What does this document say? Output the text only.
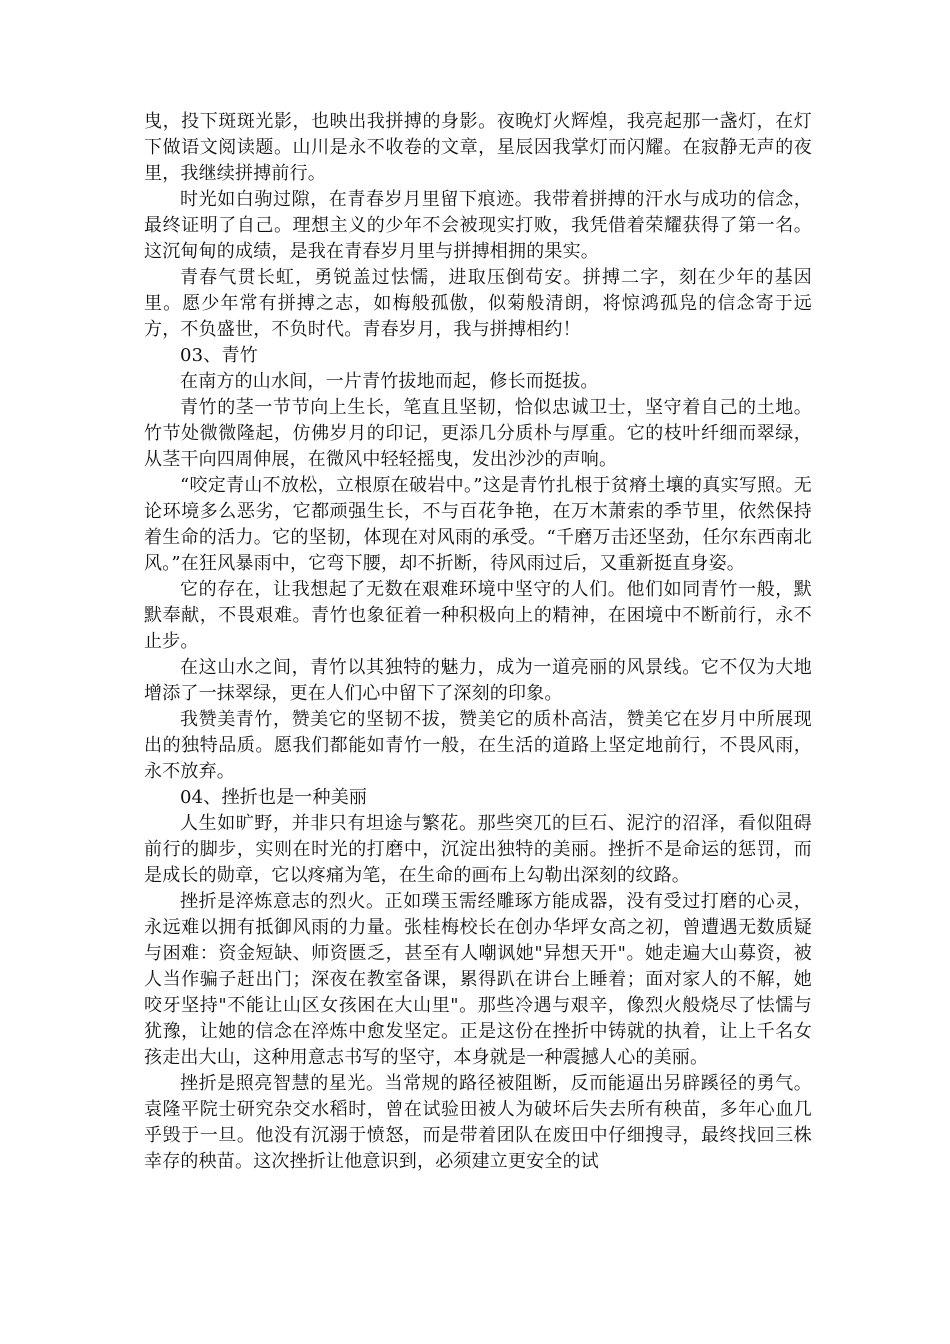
曳，投下斑斑光影，也映出我拼搏的身影。夜晚灯火辉煌，我亮起那一盏灯，在灯下做语文阅读题。山川是永不收卷的文章，星辰因我掌灯而闪耀。在寂静无声的夜里，我继续拼搏前行。

时光如白驹过隙，在青春岁月里留下痕迹。我带着拼搏的汗水与成功的信念，最终证明了自己。理想主义的少年不会被现实打败，我凭借着荣耀获得了第一名。这沉甸甸的成绩，是我在青春岁月里与拼搏相拥的果实。

青春气贯长虹，勇锐盖过怯懦，进取压倒苟安。拼搏二字，刻在少年的基因里。愿少年常有拼搏之志，如梅般孤傲，似菊般清朗，将惊鸿孤凫的信念寄于远方，不负盛世，不负时代。青春岁月，我与拼搏相约！

03、青竹

在南方的山水间，一片青竹拔地而起，修长而挺拔。

青竹的茎一节节向上生长，笔直且坚韧，恰似忠诚卫士，坚守着自己的土地。竹节处微微隆起，仿佛岁月的印记，更添几分质朴与厚重。它的枝叶纤细而翠绿，从茎干向四周伸展，在微风中轻轻摇曳，发出沙沙的声响。

“咬定青山不放松，立根原在破岩中。”这是青竹扎根于贫瘠土壤的真实写照。无论环境多么恶劣，它都顽强生长，不与百花争艳，在万木萧索的季节里，依然保持着生命的活力。它的坚韧，体现在对风雨的承受。“千磨万击还坚劲，任尔东西南北风。”在狂风暴雨中，它弯下腰，却不折断，待风雨过后，又重新挺直身姿。

它的存在，让我想起了无数在艰难环境中坚守的人们。他们如同青竹一般，默默奉献，不畏艰难。青竹也象征着一种积极向上的精神，在困境中不断前行，永不止步。

在这山水之间，青竹以其独特的魅力，成为一道亮丽的风景线。它不仅为大地增添了一抹翠绿，更在人们心中留下了深刻的印象。

我赞美青竹，赞美它的坚韧不拔，赞美它的质朴高洁，赞美它在岁月中所展现出的独特品质。愿我们都能如青竹一般，在生活的道路上坚定地前行，不畏风雨，永不放弃。

04、挫折也是一种美丽

人生如旷野，并非只有坦途与繁花。那些突兀的巨石、泥泞的沼泽，看似阻碍前行的脚步，实则在时光的打磨中，沉淀出独特的美丽。挫折不是命运的惩罚，而是成长的勋章，它以疼痛为笔，在生命的画布上勾勒出深刻的纹路。

挫折是淬炼意志的烈火。正如璞玉需经雕琢方能成器，没有受过打磨的心灵，永远难以拥有抵御风雨的力量。张桂梅校长在创办华坪女高之初，曾遭遇无数质疑与困难：资金短缺、师资匮乏，甚至有人嘲讽她"异想天开"。她走遍大山募资，被人当作骗子赶出门；深夜在教室备课，累得趴在讲台上睡着；面对家人的不解，她咬牙坚持"不能让山区女孩困在大山里"。那些冷遇与艰辛，像烈火般烧尽了怯懦与犹豫，让她的信念在淬炼中愈发坚定。正是这份在挫折中铸就的执着，让上千名女孩走出大山，这种用意志书写的坚守，本身就是一种震撼人心的美丽。

挫折是照亮智慧的星光。当常规的路径被阻断，反而能逼出另辟蹊径的勇气。袁隆平院士研究杂交水稻时，曾在试验田被人为破坏后失去所有秧苗，多年心血几乎毁于一旦。他没有沉溺于愤怒，而是带着团队在废田中仔细搜寻，最终找回三株幸存的秧苗。这次挫折让他意识到，必须建立更安全的试
